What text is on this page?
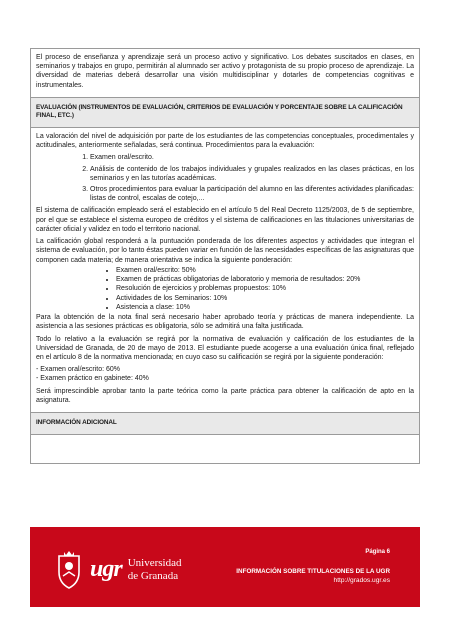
El proceso de enseñanza y aprendizaje será un proceso activo y significativo. Los debates suscitados en clases, en seminarios y trabajos en grupo, permitirán al alumnado ser activo y protagonista de su propio proceso de aprendizaje. La diversidad de materias deberá desarrollar una visión multidisciplinar y dotarles de competencias cognitivas e instrumentales.

EVALUACIÓN (INSTRUMENTOS DE EVALUACIÓN, CRITERIOS DE EVALUACIÓN Y PORCENTAJE SOBRE LA CALIFICACIÓN FINAL, ETC.)

La valoración del nivel de adquisición por parte de los estudiantes de las competencias conceptuales, procedimentales y actitudinales, anteriormente señaladas, será continua. Procedimientos para la evaluación:

1. Examen oral/escrito.
2. Análisis de contenido de los trabajos individuales y grupales realizados en las clases prácticas, en los seminarios y en las tutorías académicas.
3. Otros procedimientos para evaluar la participación del alumno en las diferentes actividades planificadas: listas de control, escalas de cotejo,...

El sistema de calificación empleado será el establecido en el artículo 5 del Real Decreto 1125/2003, de 5 de septiembre, por el que se establece el sistema europeo de créditos y el sistema de calificaciones en las titulaciones universitarias de carácter oficial y validez en todo el territorio nacional.

La calificación global responderá a la puntuación ponderada de los diferentes aspectos y actividades que integran el sistema de evaluación, por lo tanto éstas pueden variar en función de las necesidades específicas de las asignaturas que componen cada materia; de manera orientativa se indica la siguiente ponderación:

• Examen oral/escrito: 50%
• Examen de prácticas obligatorias de laboratorio y memoria de resultados: 20%
• Resolución de ejercicios y problemas propuestos: 10%
• Actividades de los Seminarios: 10%
• Asistencia a clase: 10%

Para la obtención de la nota final será necesario haber aprobado teoría y prácticas de manera independiente. La asistencia a las sesiones prácticas es obligatoria, sólo se admitirá una falta justificada.

Todo lo relativo a la evaluación se regirá por la normativa de evaluación y calificación de los estudiantes de la Universidad de Granada, de 20 de mayo de 2013. El estudiante puede acogerse a una evaluación única final, reflejado en el artículo 8 de la normativa mencionada; en cuyo caso su calificación se regirá por la siguiente ponderación:

- Examen oral/escrito: 60%

- Examen práctico en gabinete: 40%

Será imprescindible aprobar tanto la parte teórica como la parte práctica para obtener la calificación de apto en la asignatura.

INFORMACIÓN ADICIONAL

ugr Universidad
de Granada
Página 6
INFORMACIÓN SOBRE TITULACIONES DE LA UGR
http://grados.ugr.es
